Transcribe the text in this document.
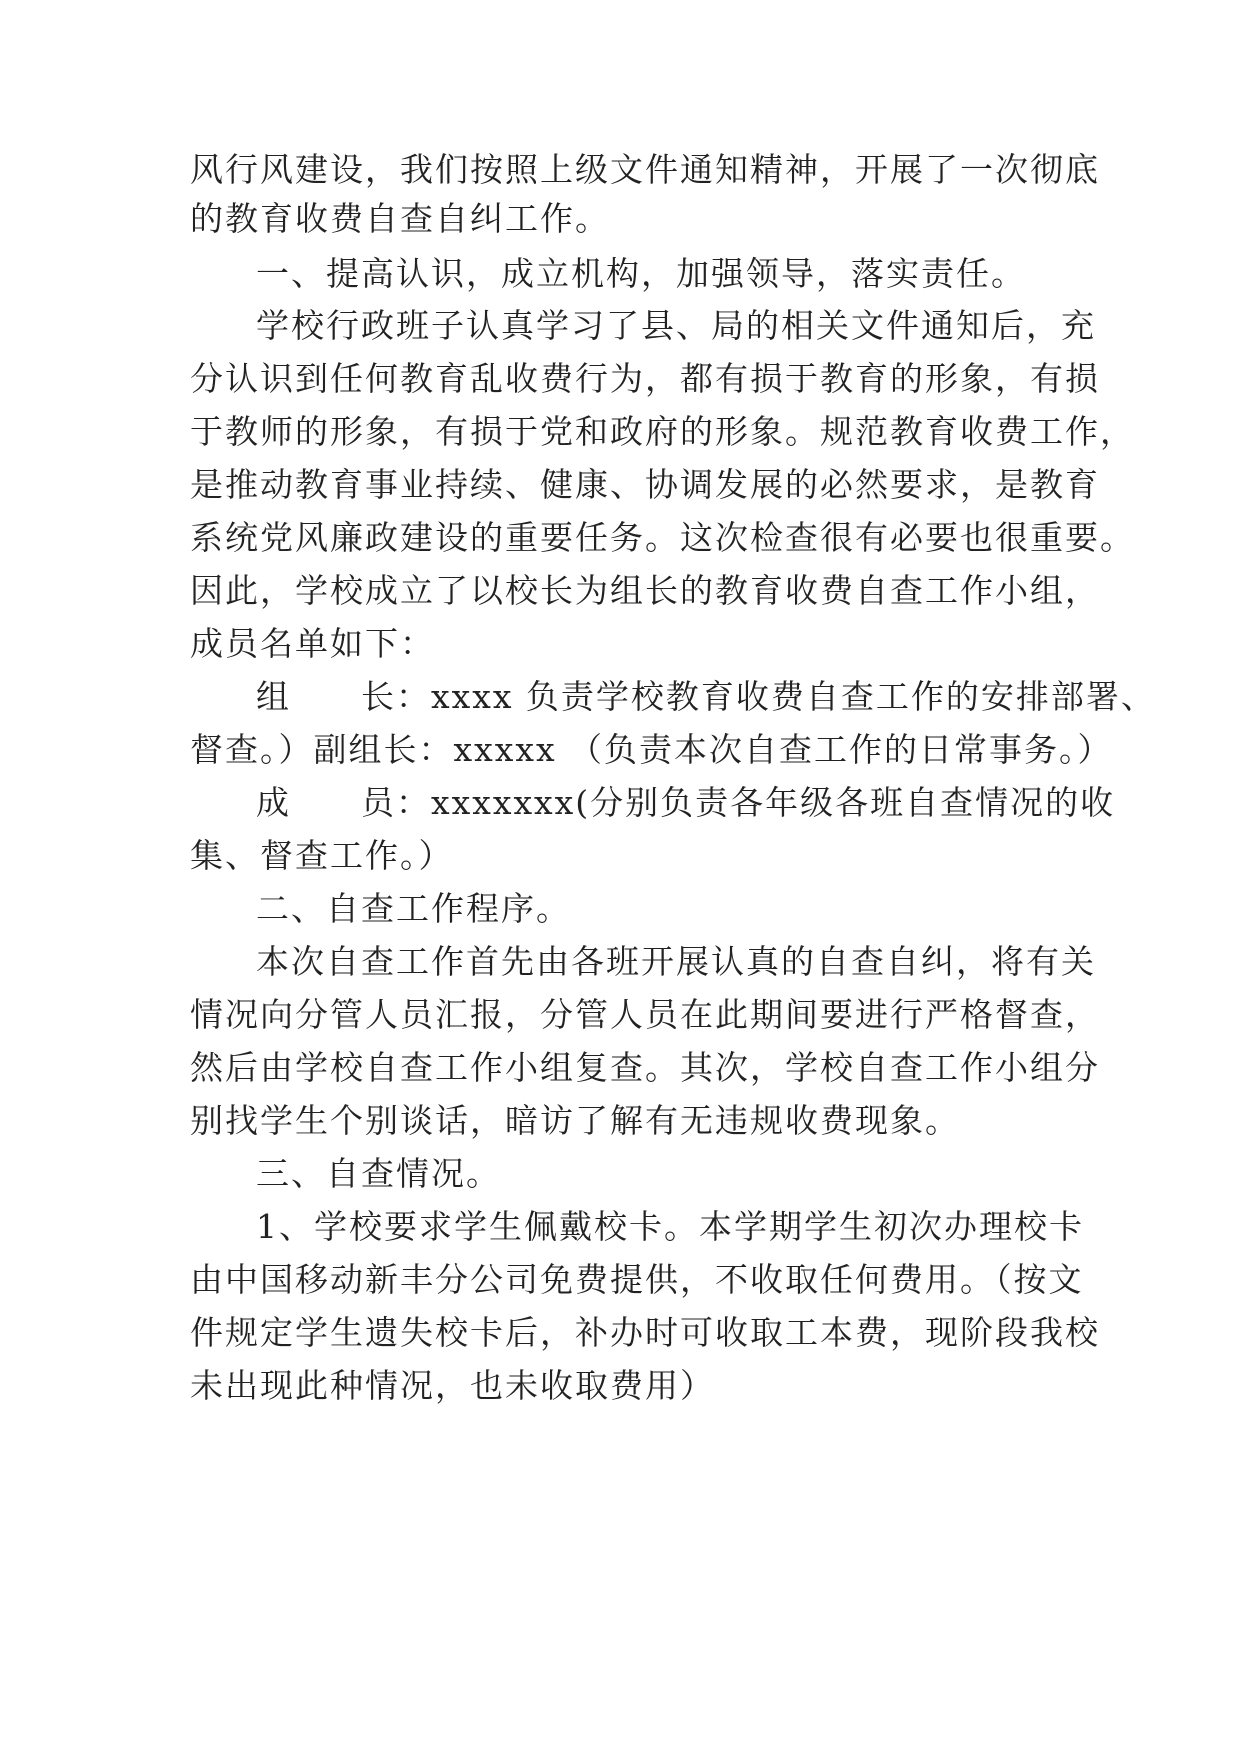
风行风建设，我们按照上级文件通知精神，开展了一次彻底
的教育收费自查自纠工作。
一、提高认识，成立机构，加强领导，落实责任。
学校行政班子认真学习了县、局的相关文件通知后，充
分认识到任何教育乱收费行为，都有损于教育的形象，有损
于教师的形象，有损于党和政府的形象。规范教育收费工作，
是推动教育事业持续、健康、协调发展的必然要求，是教育
系统党风廉政建设的重要任务。这次检查很有必要也很重要。
因此，学校成立了以校长为组长的教育收费自查工作小组，
成员名单如下：
组　　长：xxxx 负责学校教育收费自查工作的安排部署、
督查。）副组长：xxxxx （负责本次自查工作的日常事务。）
成　　员：xxxxxxx(分别负责各年级各班自查情况的收
集、督查工作。）
二、自查工作程序。
本次自查工作首先由各班开展认真的自查自纠，将有关
情况向分管人员汇报，分管人员在此期间要进行严格督查，
然后由学校自查工作小组复查。其次，学校自查工作小组分
别找学生个别谈话，暗访了解有无违规收费现象。
三、自查情况。
1、学校要求学生佩戴校卡。本学期学生初次办理校卡
由中国移动新丰分公司免费提供，不收取任何费用。（按文
件规定学生遗失校卡后，补办时可收取工本费，现阶段我校
未出现此种情况，也未收取费用）
